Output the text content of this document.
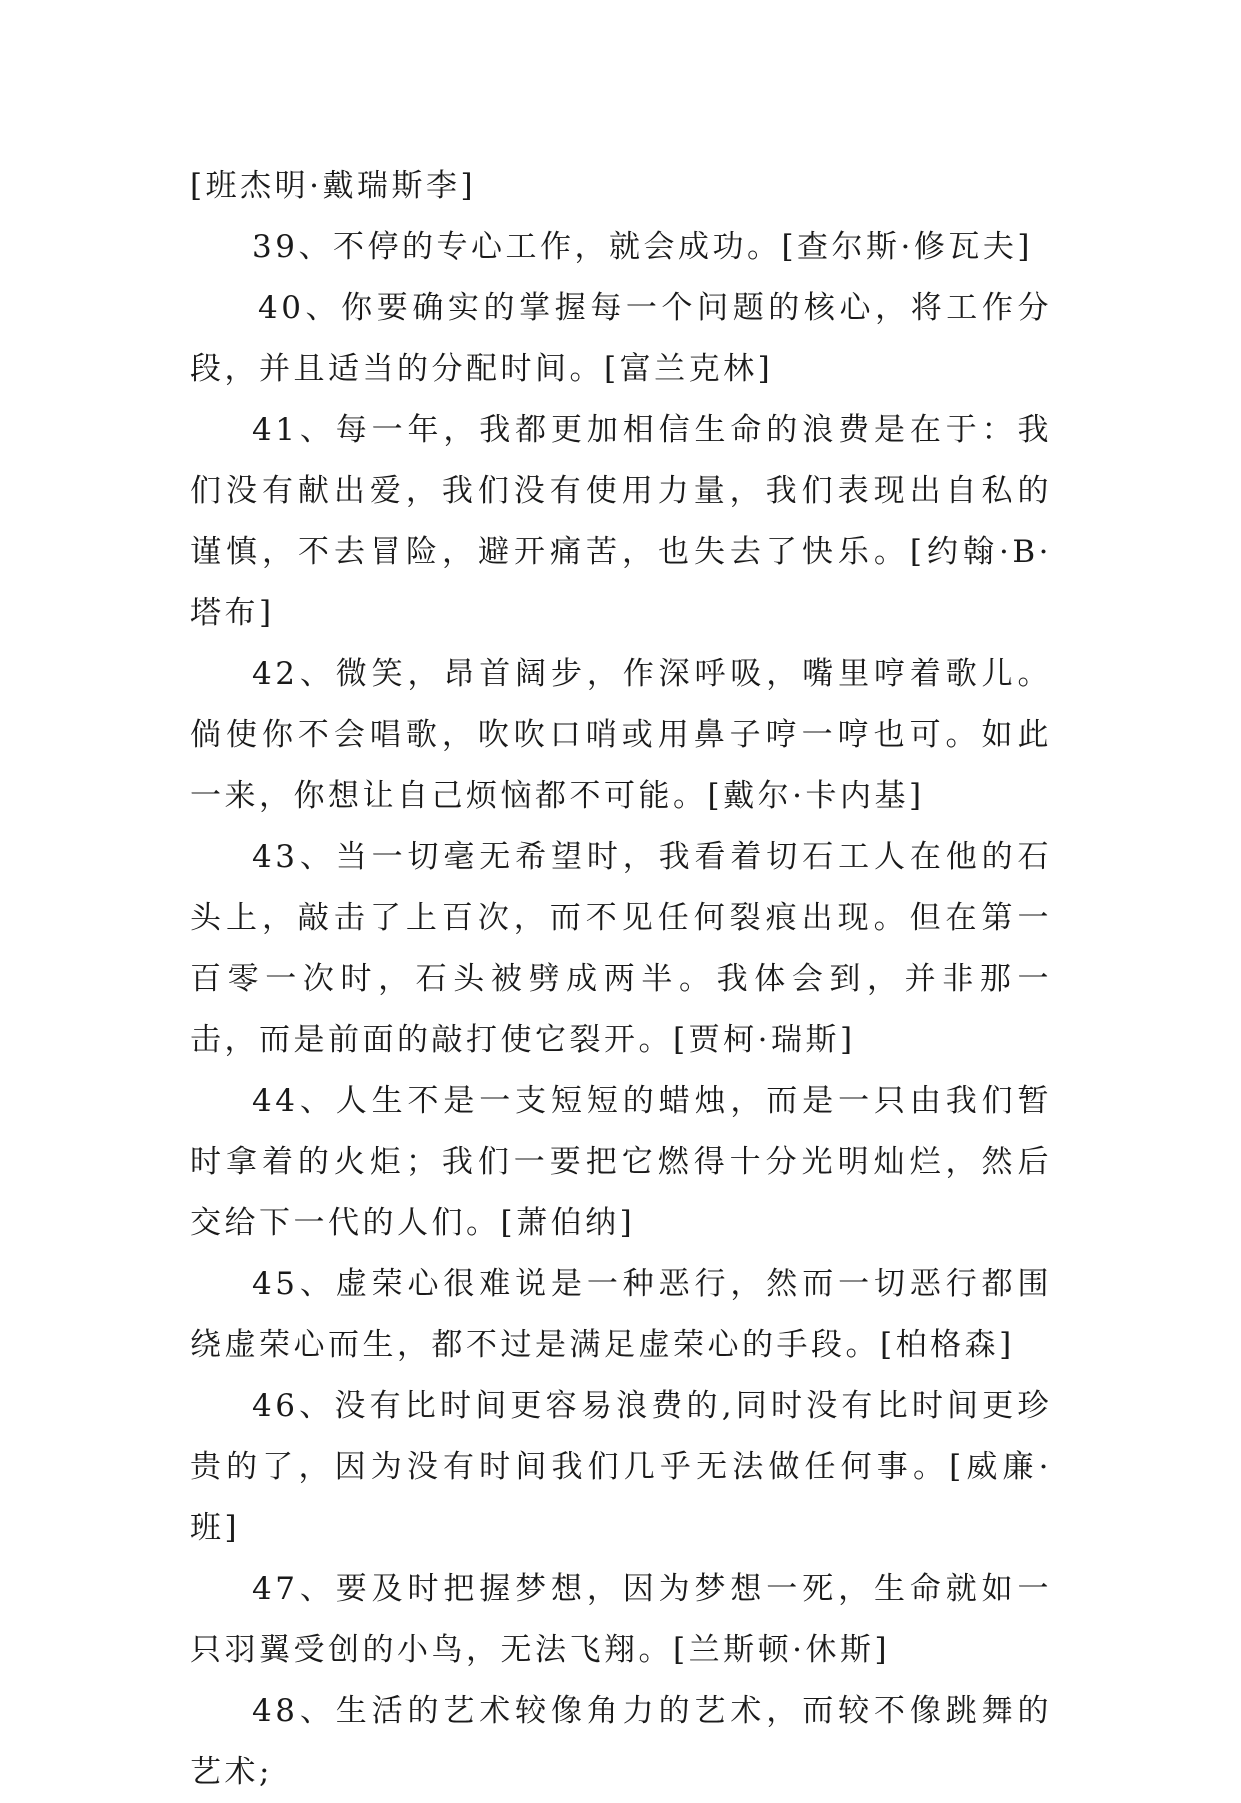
[班杰明·戴瑞斯李]

39、不停的专心工作，就会成功。[查尔斯·修瓦夫]

40、你要确实的掌握每一个问题的核心，将工作分段，并且适当的分配时间。[富兰克林]

41、每一年，我都更加相信生命的浪费是在于：我们没有献出爱，我们没有使用力量，我们表现出自私的谨慎，不去冒险，避开痛苦，也失去了快乐。[约翰·B·塔布]

42、微笑，昂首阔步，作深呼吸，嘴里哼着歌儿。倘使你不会唱歌，吹吹口哨或用鼻子哼一哼也可。如此一来，你想让自己烦恼都不可能。[戴尔·卡内基]

43、当一切毫无希望时，我看着切石工人在他的石头上，敲击了上百次，而不见任何裂痕出现。但在第一百零一次时，石头被劈成两半。我体会到，并非那一击，而是前面的敲打使它裂开。[贾柯·瑞斯]

44、人生不是一支短短的蜡烛，而是一只由我们暂时拿着的火炬；我们一要把它燃得十分光明灿烂，然后交给下一代的人们。[萧伯纳]

45、虚荣心很难说是一种恶行，然而一切恶行都围绕虚荣心而生，都不过是满足虚荣心的手段。[柏格森]

46、没有比时间更容易浪费的,同时没有比时间更珍贵的了，因为没有时间我们几乎无法做任何事。[威廉·班]

47、要及时把握梦想，因为梦想一死，生命就如一只羽翼受创的小鸟，无法飞翔。[兰斯顿·休斯]

48、生活的艺术较像角力的艺术，而较不像跳舞的艺术;
